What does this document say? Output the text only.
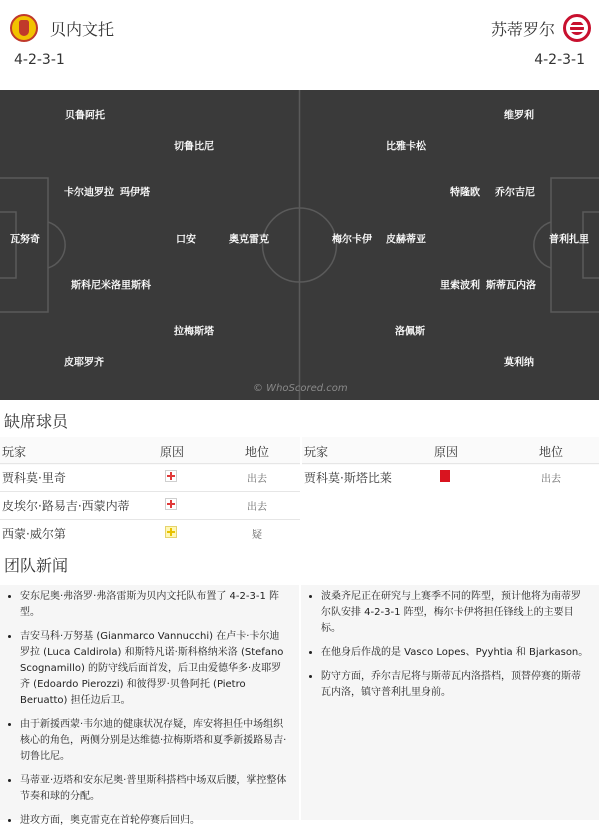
贝内文托
4-2-3-1
苏蒂罗尔
4-2-3-1
贝鲁阿托
切鲁比尼
卡尔迪罗拉 玛伊塔
瓦努奇	口安	奥克雷克
斯科尼米洛里斯科
拉梅斯塔
皮耶罗齐
维罗利
比雅卡松
特隆欧 乔尔吉尼
梅尔卡伊 皮赫蒂亚	普利扎里
里索波利 斯蒂瓦内洛
洛佩斯
莫利纳
© WhoScored.com
缺席球员
玩家	原因	地位
贾科莫·里奇	出去
皮埃尔·路易吉·西蒙内蒂	出去
西蒙·威尔第	疑
玩家	原因	地位
贾科莫·斯塔比莱	出去
团队新闻
• 安东尼奥·弗洛罗·弗洛雷斯为贝内文托队布置了 4-2-3-1 阵型。
• 吉安马科·万努基 (Gianmarco Vannucchi) 在卢卡·卡尔迪罗拉 (Luca Caldirola) 和斯特凡诺·斯科格纳米洛 (Stefano Scognamillo) 的防守线后面首发，后卫由爱德华多·皮耶罗齐 (Edoardo Pierozzi) 和彼得罗·贝鲁阿托 (Pietro Beruatto) 担任边后卫。
• 由于新援西蒙·韦尔迪的健康状况存疑，库安将担任中场组织核心的角色，两侧分别是达维德·拉梅斯塔和夏季新援路易吉·切鲁比尼。
• 马蒂亚·迈塔和安东尼奥·普里斯科搭档中场双后腰，掌控整体节奏和球的分配。
• 进攻方面，奥克雷克在首轮停赛后回归。
• 波桑齐尼正在研究与上赛季不同的阵型，预计他将为南蒂罗尔队安排 4-2-3-1 阵型，梅尔卡伊将担任锋线上的主要目标。
• 在他身后作战的是 Vasco Lopes、Pyyhtia 和 Bjarkason。
• 防守方面，乔尔吉尼将与斯蒂瓦内洛搭档，顶替停赛的斯蒂瓦内洛，镇守普利扎里身前。
